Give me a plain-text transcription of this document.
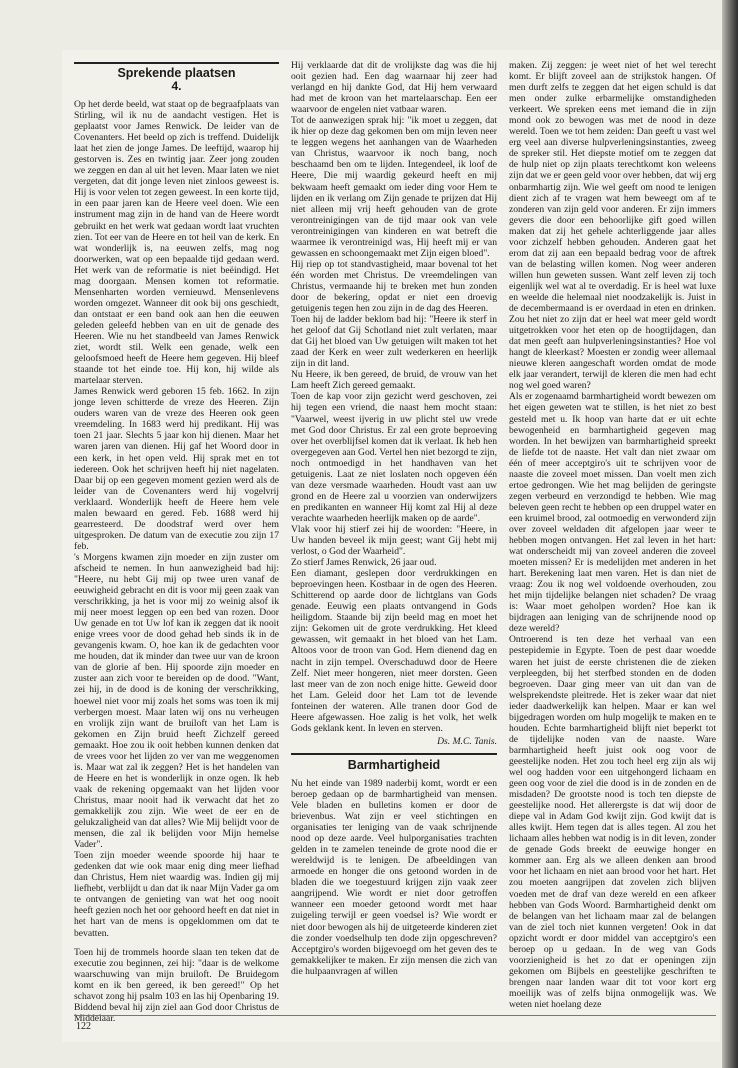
Sprekende plaatsen
4.

Op het derde beeld, wat staat op de begraafplaats van Stirling, wil ik nu de aandacht vestigen. Het is geplaatst voor James Renwick. De leider van de Covenanters. Het beeld op zich is treffend. Duidelijk laat het zien de jonge James. De leeftijd, waarop hij gestorven is. Zes en twintig jaar. Zeer jong zouden we zeggen en dan al uit het leven. Maar laten we niet vergeten, dat dit jonge leven niet zinloos geweest is. Hij is voor velen tot zegen geweest. In een korte tijd, in een paar jaren kan de Heere veel doen. Wie een instrument mag zijn in de hand van de Heere wordt gebruikt en het werk wat gedaan wordt laat vruchten zien. Tot eer van de Heere en tot heil van de kerk. En wat wonderlijk is, na eeuwen zelfs, mag nog doorwerken, wat op een bepaalde tijd gedaan werd. Het werk van de reformatie is niet beëindigd. Het mag doorgaan. Mensen komen tot reformatie. Mensenharten worden vernieuwd. Mensenlevens worden omgezet. Wanneer dit ook bij ons geschiedt, dan ontstaat er een band ook aan hen die eeuwen geleden geleefd hebben van en uit de genade des Heeren. Wie nu het standbeeld van James Renwick ziet, wordt stil. Welk een genade, welk een geloofsmoed heeft de Heere hem gegeven. Hij bleef staande tot het einde toe. Hij kon, hij wilde als martelaar sterven.

James Renwick werd geboren 15 feb. 1662. In zijn jonge leven schitterde de vreze des Heeren. Zijn ouders waren van de vreze des Heeren ook geen vreemdeling. In 1683 werd hij predikant. Hij was toen 21 jaar. Slechts 5 jaar kon hij dienen. Maar het waren jaren van dienen. Hij gaf het Woord door in een kerk, in het open veld. Hij sprak met en tot iedereen. Ook het schrijven heeft hij niet nagelaten. Daar bij op een gegeven moment gezien werd als de leider van de Covenanters werd hij vogelvrij verklaard. Wonderlijk heeft de Heere hem vele malen bewaard en gered. Feb. 1688 werd hij gearresteerd. De doodstraf werd over hem uitgesproken. De datum van de executie zou zijn 17 feb.

's Morgens kwamen zijn moeder en zijn zuster om afscheid te nemen. In hun aanwezigheid bad hij: "Heere, nu hebt Gij mij op twee uren vanaf de eeuwigheid gebracht en dit is voor mij geen zaak van verschrikking, ja het is voor mij zo weinig alsof ik mij neer moest leggen op een bed van rozen. Door Uw genade en tot Uw lof kan ik zeggen dat ik nooit enige vrees voor de dood gehad heb sinds ik in de gevangenis kwam. O, hoe kan ik de gedachten voor me houden, dat ik minder dan twee uur van de kroon van de glorie af ben. Hij spoorde zijn moeder en zuster aan zich voor te bereiden op de dood. "Want, zei hij, in de dood is de koning der verschrikking, hoewel niet voor mij zoals het soms was toen ik mij verbergen moest. Maar laten wij ons nu verheugen en vrolijk zijn want de bruiloft van het Lam is gekomen en Zijn bruid heeft Zichzelf gereed gemaakt. Hoe zou ik ooit hebben kunnen denken dat de vrees voor het lijden zo ver van me weggenomen is. Maar wat zal ik zeggen? Het is het handelen van de Heere en het is wonderlijk in onze ogen. Ik heb vaak de rekening opgemaakt van het lijden voor Christus, maar nooit had ik verwacht dat het zo gemakkelijk zou zijn. Wie weet de eer en de gelukzaligheid van dat alles? Wie Mij belijdt voor de mensen, die zal ik belijden voor Mijn hemelse Vader".

Toen zijn moeder weende spoorde hij haar te gedenken dat wie ook maar enig ding meer liefhad dan Christus, Hem niet waardig was. Indien gij mij liefhebt, verblijdt u dan dat ik naar Mijn Vader ga om te ontvangen de genieting van wat het oog nooit heeft gezien noch het oor gehoord heeft en dat niet in het hart van de mens is opgeklommen om dat te bevatten.

Toen hij de trommels hoorde slaan ten teken dat de executie zou beginnen, zei hij: "daar is de welkome waarschuwing van mijn bruiloft. De Bruidegom komt en ik ben gereed, ik ben gereed!" Op het schavot zong hij psalm 103 en las hij Openbaring 19. Biddend beval hij zijn ziel aan God door Christus de Middelaar.

Hij verklaarde dat dit de vrolijkste dag was die hij ooit gezien had. Een dag waarnaar hij zeer had verlangd en hij dankte God, dat Hij hem verwaard had met de kroon van het martelaarschap. Een eer waarvoor de engelen niet vatbaar waren.

Tot de aanwezigen sprak hij: "ik moet u zeggen, dat ik hier op deze dag gekomen ben om mijn leven neer te leggen wegens het aanhangen van de Waarheden van Christus, waarvoor ik noch bang, noch beschaamd ben om te lijden. Integendeel, ik loof de Heere, Die mij waardig gekeurd heeft en mij bekwaam heeft gemaakt om ieder ding voor Hem te lijden en ik verlang om Zijn genade te prijzen dat Hij niet alleen mij vrij heeft gehouden van de grote verontreinigingen van de tijd maar ook van vele verontreinigingen van kinderen en wat betreft die waarmee ik verontreinigd was, Hij heeft mij er van gewassen en schoongemaakt met Zijn eigen bloed".

Hij riep op tot standvastigheid, maar bovenal tot het één worden met Christus. De vreemdelingen van Christus, vermaande hij te breken met hun zonden door de bekering, opdat er niet een droevig getuigenis tegen hen zou zijn in de dag des Heeren.

Toen hij de ladder beklom bad hij: "Heere ik sterf in het geloof dat Gij Schotland niet zult verlaten, maar dat Gij het bloed van Uw getuigen wilt maken tot het zaad der Kerk en weer zult wederkeren en heerlijk zijn in dit land.

Nu Heere, ik ben gereed, de bruid, de vrouw van het Lam heeft Zich gereed gemaakt.

Toen de kap voor zijn gezicht werd geschoven, zei hij tegen een vriend, die naast hem mocht staan: "Vaarwel, weest ijverig in uw plicht stel uw vrede met God door Christus. Er zal een grote beproeving over het overblijfsel komen dat ik verlaat. Ik heb hen overgegeven aan God. Vertel hen niet bezorgd te zijn, noch ontmoedigd in het handhaven van het getuigenis. Laat ze niet loslaten noch opgeven één van deze versmade waarheden. Houdt vast aan uw grond en de Heere zal u voorzien van onderwijzers en predikanten en wanneer Hij komt zal Hij al deze verachte waarheden heerlijk maken op de aarde".

Vlak voor hij stierf zei hij de woorden: "Heere, in Uw handen beveel ik mijn geest; want Gij hebt mij verlost, o God der Waarheid".

Zo stierf James Renwick, 26 jaar oud.

Een diamant, geslepen door verdrukkingen en beproevingen heen. Kostbaar in de ogen des Heeren. Schitterend op aarde door de lichtglans van Gods genade. Eeuwig een plaats ontvangend in Gods heiligdom. Staande bij zijn beeld mag en moet het zijn: Gekomen uit de grote verdrukking. Het kleed gewassen, wit gemaakt in het bloed van het Lam. Altoos voor de troon van God. Hem dienend dag en nacht in zijn tempel. Overschaduwd door de Heere Zelf. Niet meer hongeren, niet meer dorsten. Geen last meer van de zon noch enige hitte. Geweid door het Lam. Geleid door het Lam tot de levende fonteinen der wateren. Alle tranen door God de Heere afgewassen. Hoe zalig is het volk, het welk Gods geklank kent. In leven en sterven.

Ds. M.C. Tanis.
Barmhartigheid

Nu het einde van 1989 naderbij komt, wordt er een beroep gedaan op de barmhartigheid van mensen. Vele bladen en bulletins komen er door de brievenbus. Wat zijn er veel stichtingen en organisaties ter leniging van de vaak schrijnende nood op deze aarde. Veel hulporganisaties trachten gelden in te zamelen teneinde de grote nood die er wereldwijd is te lenigen. De afbeeldingen van armoede en honger die ons getoond worden in de bladen die we toegestuurd krijgen zijn vaak zeer aangrijpend. Wie wordt er niet door getroffen wanneer een moeder getoond wordt met haar zuigeling terwijl er geen voedsel is? Wie wordt er niet door bewogen als hij de uitgeteerde kinderen ziet die zonder voedselhulp ten dode zijn opgeschreven? Acceptgiro's worden bijgevoegd om het geven des te gemakkelijker te maken. Er zijn mensen die zich van die hulpaanvragen af willen

maken. Zij zeggen: je weet niet of het wel terecht komt. Er blijft zoveel aan de strijkstok hangen. Of men durft zelfs te zeggen dat het eigen schuld is dat men onder zulke erbarmelijke omstandigheden verkeert. We spreken eens met iemand die in zijn mond ook zo bewogen was met de nood in deze wereld. Toen we tot hem zeiden: Dan geeft u vast wel erg veel aan diverse hulpverleningsinstanties, zweeg de spreker stil. Het diepste motief om te zeggen dat de hulp niet op zijn plaats terechtkomt kon weleens zijn dat we er geen geld voor over hebben, dat wij erg onbarmhartig zijn. Wie wel geeft om nood te lenigen dient zich af te vragen wat hem beweegt om af te zonderen van zijn geld voor anderen. Er zijn immers gevers die door een behoorlijke gift goed willen maken dat zij het gehele achterliggende jaar alles voor zichzelf hebben gehouden. Anderen gaat het erom dat zij aan een bepaald bedrag voor de aftrek van de belasting willen komen. Nog weer anderen willen hun geweten sussen. Want zelf leven zij toch eigenlijk wel wat al te overdadig. Er is heel wat luxe en weelde die helemaal niet noodzakelijk is. Juist in de decembermaand is er overdaad in eten en drinken. Zou het niet zo zijn dat er heel wat meer geld wordt uitgetrokken voor het eten op de hoogtijdagen, dan dat men geeft aan hulpverleningsinstanties? Hoe vol hangt de kleerkast? Moesten er zondig weer allemaal nieuwe kleren aangeschaft worden omdat de mode elk jaar verandert, terwijl de kleren die men had echt nog wel goed waren?

Als er zogenaamd barmhartigheid wordt bewezen om het eigen geweten wat te stillen, is het niet zo best gesteld met u. Ik hoop van harte dat er uit echte bewogenheid en barmhartigheid gegeven mag worden. In het bewijzen van barmhartigheid spreekt de liefde tot de naaste. Het valt dan niet zwaar om één of meer acceptgiro's uit te schrijven voor de naaste die zoveel moet missen. Dan voelt men zich ertoe gedrongen. Wie het mag belijden de geringste zegen verbeurd en verzondigd te hebben. Wie mag beleven geen recht te hebben op een druppel water en een kruimel brood, zal ootmoedig en verwonderd zijn over zoveel weldaden dit afgelopen jaar weer te hebben mogen ontvangen. Het zal leven in het hart: wat onderscheidt mij van zoveel anderen die zoveel moeten missen? Er is medelijden met anderen in het hart. Berekening laat men varen. Het is dan niet de vraag: Zou ik nog wel voldoende overhouden, zou het mijn tijdelijke belangen niet schaden? De vraag is: Waar moet geholpen worden? Hoe kan ik bijdragen aan leniging van de schrijnende nood op deze wereld?

Ontroerend is ten deze het verhaal van een pestepidemie in Egypte. Toen de pest daar woedde waren het juist de eerste christenen die de zieken verpleegden, bij het sterfbed stonden en de doden begroeven. Daar ging meer van uit dan van de welsprekendste pleitrede. Het is zeker waar dat niet ieder daadwerkelijk kan helpen. Maar er kan wel bijgedragen worden om hulp mogelijk te maken en te houden. Echte barmhartigheid blijft niet beperkt tot de tijdelijke noden van de naaste. Ware barmhartigheid heeft juist ook oog voor de geestelijke noden. Het zou toch heel erg zijn als wij wel oog hadden voor een uitgehongerd lichaam en geen oog voor de ziel die dood is in de zonden en de misdaden? De grootste nood is toch ten diepste de geestelijke nood. Het allerergste is dat wij door de diepe val in Adam God kwijt zijn. God kwijt dat is alles kwijt. Hem tegen dat is alles tegen. Al zou het lichaam alles hebben wat nodig is in dit leven, zonder de genade Gods breekt de eeuwige honger en kommer aan. Erg als we alleen denken aan brood voor het lichaam en niet aan brood voor het hart. Het zou moeten aangrijpen dat zovelen zich blijven voeden met de draf van deze wereld en een afkeer hebben van Gods Woord. Barmhartigheid denkt om de belangen van het lichaam maar zal de belangen van de ziel toch niet kunnen vergeten! Ook in dat opzicht wordt er door middel van acceptgiro's een beroep op u gedaan. In de weg van Gods voorzienigheid is het zo dat er openingen zijn gekomen om Bijbels en geestelijke geschriften te brengen naar landen waar dit tot voor kort erg moeilijk was of zelfs bijna onmogelijk was. We weten niet hoelang deze

122
